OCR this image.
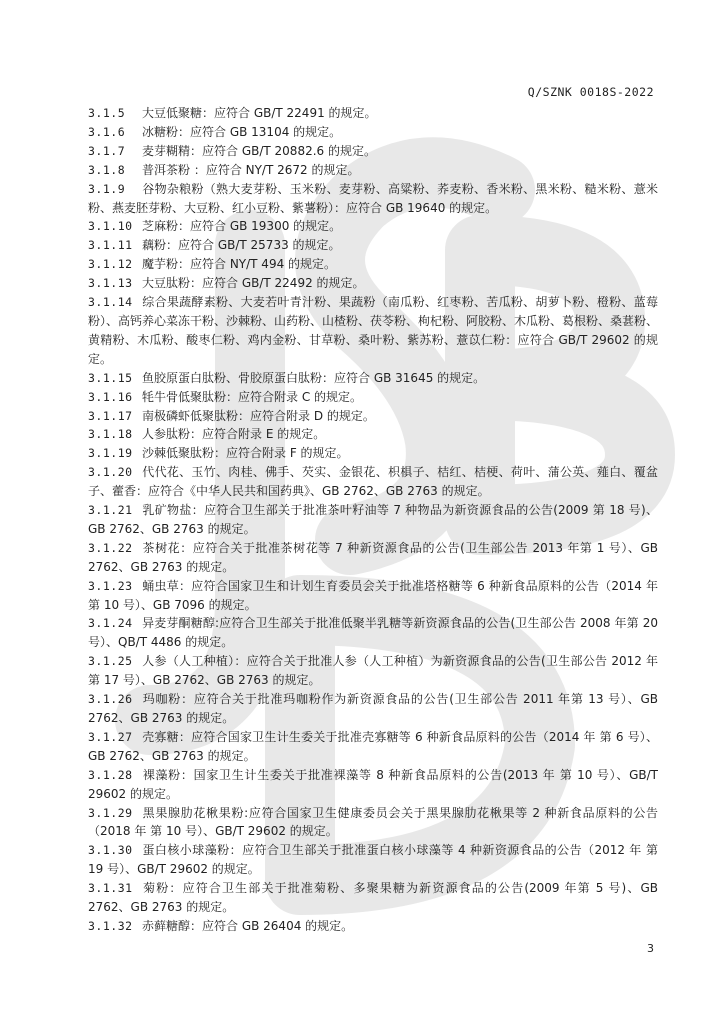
Q/SZNK 0018S-2022
3.1.5 大豆低聚糖：应符合 GB/T 22491 的规定。
3.1.6 冰糖粉：应符合 GB 13104 的规定。
3.1.7 麦芽糊精：应符合 GB/T 20882.6 的规定。
3.1.8 普洱茶粉 ：应符合 NY/T 2672 的规定。
3.1.9 谷物杂粮粉（熟大麦芽粉、玉米粉、麦芽粉、高粱粉、荞麦粉、香米粉、黑米粉、糙米粉、薏米粉、燕麦胚芽粉、大豆粉、红小豆粉、紫薯粉）：应符合 GB 19640 的规定。
3.1.10 芝麻粉：应符合 GB 19300 的规定。
3.1.11 藕粉：应符合 GB/T 25733 的规定。
3.1.12 魔芋粉：应符合 NY/T 494 的规定。
3.1.13 大豆肽粉：应符合 GB/T 22492 的规定。
3.1.14 综合果蔬酵素粉、大麦若叶青汁粉、果蔬粉（南瓜粉、红枣粉、苦瓜粉、胡萝卜粉、橙粉、蓝莓粉）、高钙养心菜冻干粉、沙棘粉、山药粉、山楂粉、茯苓粉、枸杞粉、阿胶粉、木瓜粉、葛根粉、桑葚粉、黄精粉、木瓜粉、酸枣仁粉、鸡内金粉、甘草粉、桑叶粉、紫苏粉、薏苡仁粉：应符合 GB/T 29602 的规定。
3.1.15 鱼胶原蛋白肽粉、骨胶原蛋白肽粉：应符合 GB 31645 的规定。
3.1.16 牦牛骨低聚肽粉：应符合附录 C 的规定。
3.1.17 南极磷虾低聚肽粉：应符合附录 D 的规定。
3.1.18 人参肽粉：应符合附录 E 的规定。
3.1.19 沙棘低聚肽粉：应符合附录 F 的规定。
3.1.20 代代花、玉竹、肉桂、佛手、芡实、金银花、枳椇子、桔红、桔梗、荷叶、蒲公英、薤白、覆盆子、藿香：应符合《中华人民共和国药典》、GB 2762、GB 2763 的规定。
3.1.21 乳矿物盐：应符合卫生部关于批准茶叶籽油等 7 种物品为新资源食品的公告(2009 第 18 号)、GB 2762、GB 2763 的规定。
3.1.22 茶树花：应符合关于批准茶树花等 7 种新资源食品的公告(卫生部公告 2013 年第 1 号）、GB 2762、GB 2763 的规定。
3.1.23 蛹虫草：应符合国家卫生和计划生育委员会关于批准塔格糖等 6 种新食品原料的公告（2014 年第 10 号）、GB 7096 的规定。
3.1.24 异麦芽酮糖醇:应符合卫生部关于批准低聚半乳糖等新资源食品的公告(卫生部公告 2008 年第 20 号）、QB/T 4486 的规定。
3.1.25 人参（人工种植）：应符合关于批准人参（人工种植）为新资源食品的公告(卫生部公告 2012 年第 17 号）、GB 2762、GB 2763 的规定。
3.1.26 玛咖粉：应符合关于批准玛咖粉作为新资源食品的公告(卫生部公告 2011 年第 13 号）、GB 2762、GB 2763 的规定。
3.1.27 壳寡糖：应符合国家卫生计生委关于批准壳寡糖等 6 种新食品原料的公告（2014 年 第 6 号）、GB 2762、GB 2763 的规定。
3.1.28 裸藻粉：国家卫生计生委关于批准裸藻等 8 种新食品原料的公告(2013 年 第 10 号）、GB/T 29602 的规定。
3.1.29 黑果腺肋花楸果粉:应符合国家卫生健康委员会关于黑果腺肋花楸果等 2 种新食品原料的公告（2018 年 第 10 号）、GB/T 29602 的规定。
3.1.30 蛋白核小球藻粉：应符合卫生部关于批准蛋白核小球藻等 4 种新资源食品的公告（2012 年 第 19 号）、GB/T 29602 的规定。
3.1.31 菊粉：应符合卫生部关于批准菊粉、多聚果糖为新资源食品的公告(2009 年第 5 号)、GB 2762、GB 2763 的规定。
3.1.32 赤藓糖醇：应符合 GB 26404 的规定。
3
